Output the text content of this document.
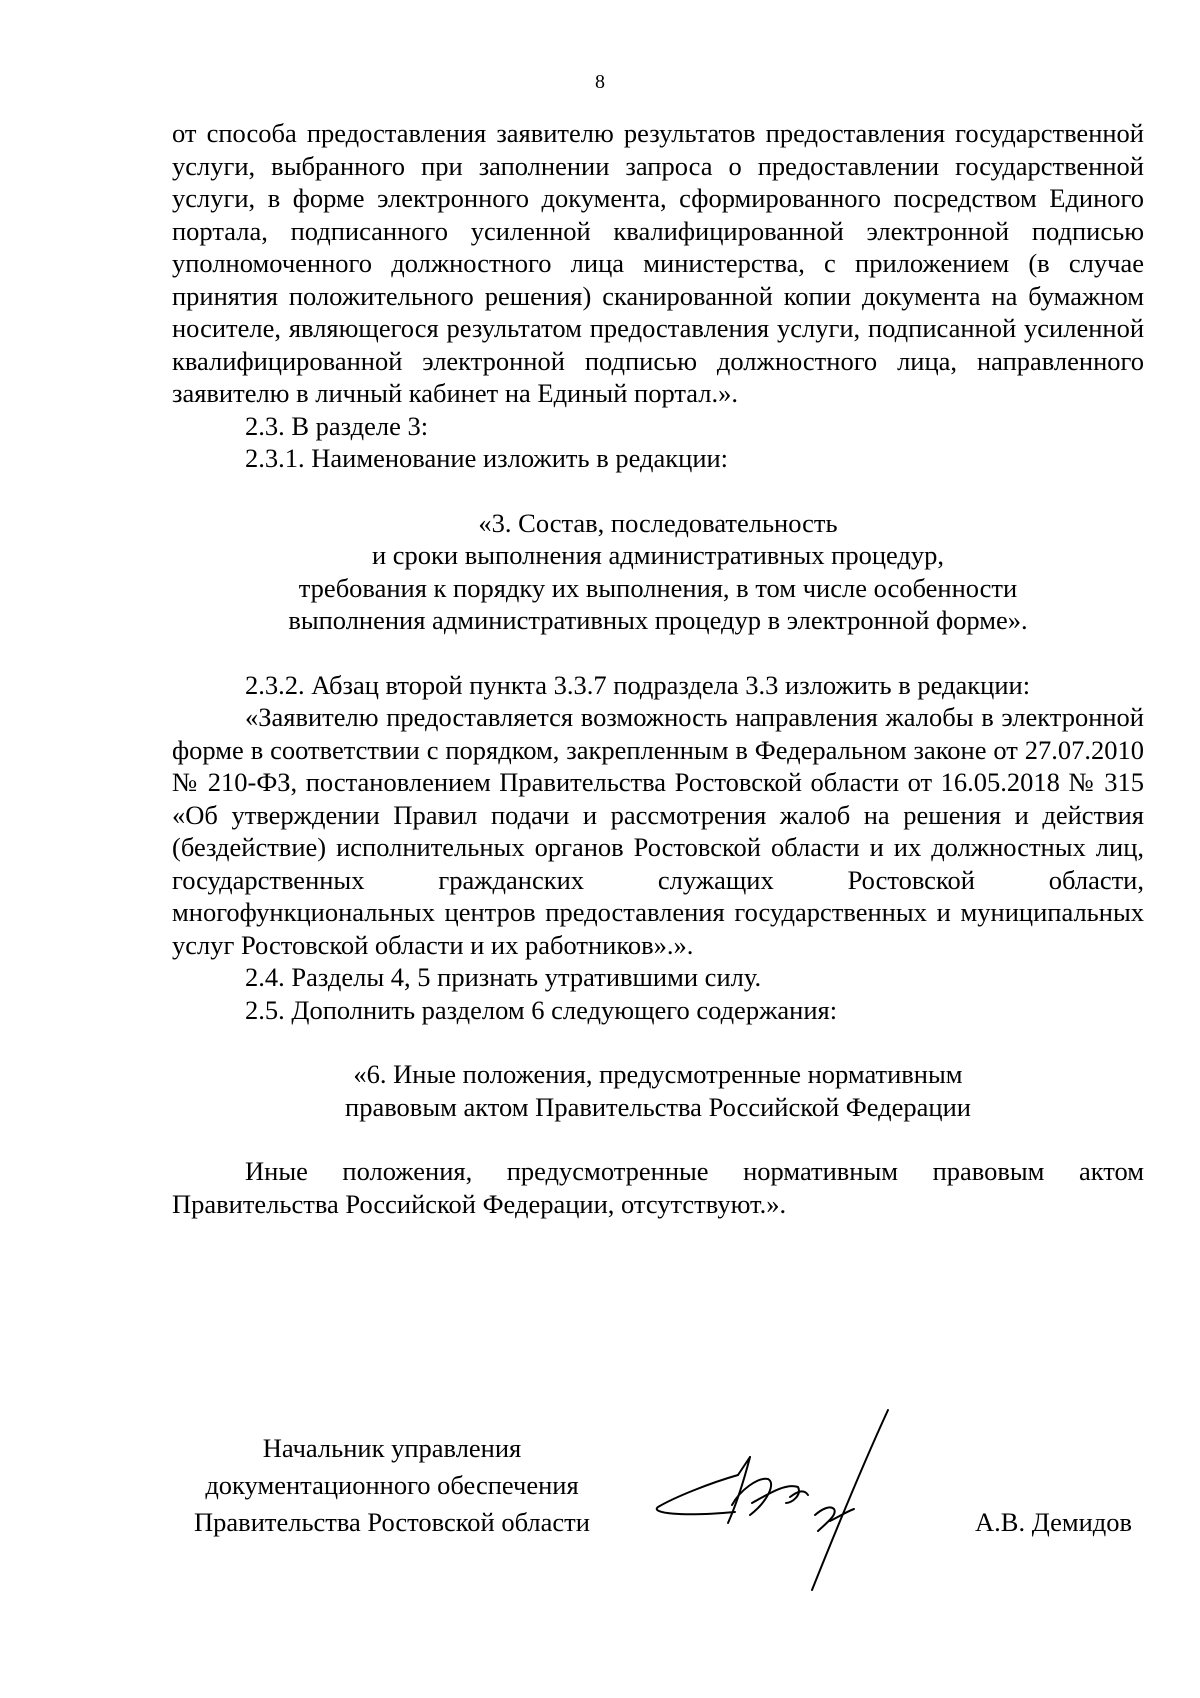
8

от способа предоставления заявителю результатов предоставления государственной услуги, выбранного при заполнении запроса о предоставлении государственной услуги, в форме электронного документа, сформированного посредством Единого портала, подписанного усиленной квалифицированной электронной подписью уполномоченного должностного лица министерства, с приложением (в случае принятия положительного решения) сканированной копии документа на бумажном носителе, являющегося результатом предоставления услуги, подписанной усиленной квалифицированной электронной подписью должностного лица, направленного заявителю в личный кабинет на Единый портал.».

2.3. В разделе 3:

2.3.1. Наименование изложить в редакции:

«3. Состав, последовательность

и сроки выполнения административных процедур,

требования к порядку их выполнения, в том числе особенности

выполнения административных процедур в электронной форме».

2.3.2. Абзац второй пункта 3.3.7 подраздела 3.3 изложить в редакции:

«Заявителю предоставляется возможность направления жалобы в электронной форме в соответствии с порядком, закрепленным в Федеральном законе от 27.07.2010 № 210-ФЗ, постановлением Правительства Ростовской области от 16.05.2018 № 315 «Об утверждении Правил подачи и рассмотрения жалоб на решения и действия (бездействие) исполнительных органов Ростовской области и их должностных лиц, государственных гражданских служащих Ростовской области, многофункциональных центров предоставления государственных и муниципальных услуг Ростовской области и их работников».».

2.4. Разделы 4, 5 признать утратившими силу.

2.5. Дополнить разделом 6 следующего содержания:

«6. Иные положения, предусмотренные нормативным

правовым актом Правительства Российской Федерации

Иные положения, предусмотренные нормативным правовым актом Правительства Российской Федерации, отсутствуют.».

Начальник управления
документационного обеспечения
Правительства Ростовской области	А.В. Демидов
